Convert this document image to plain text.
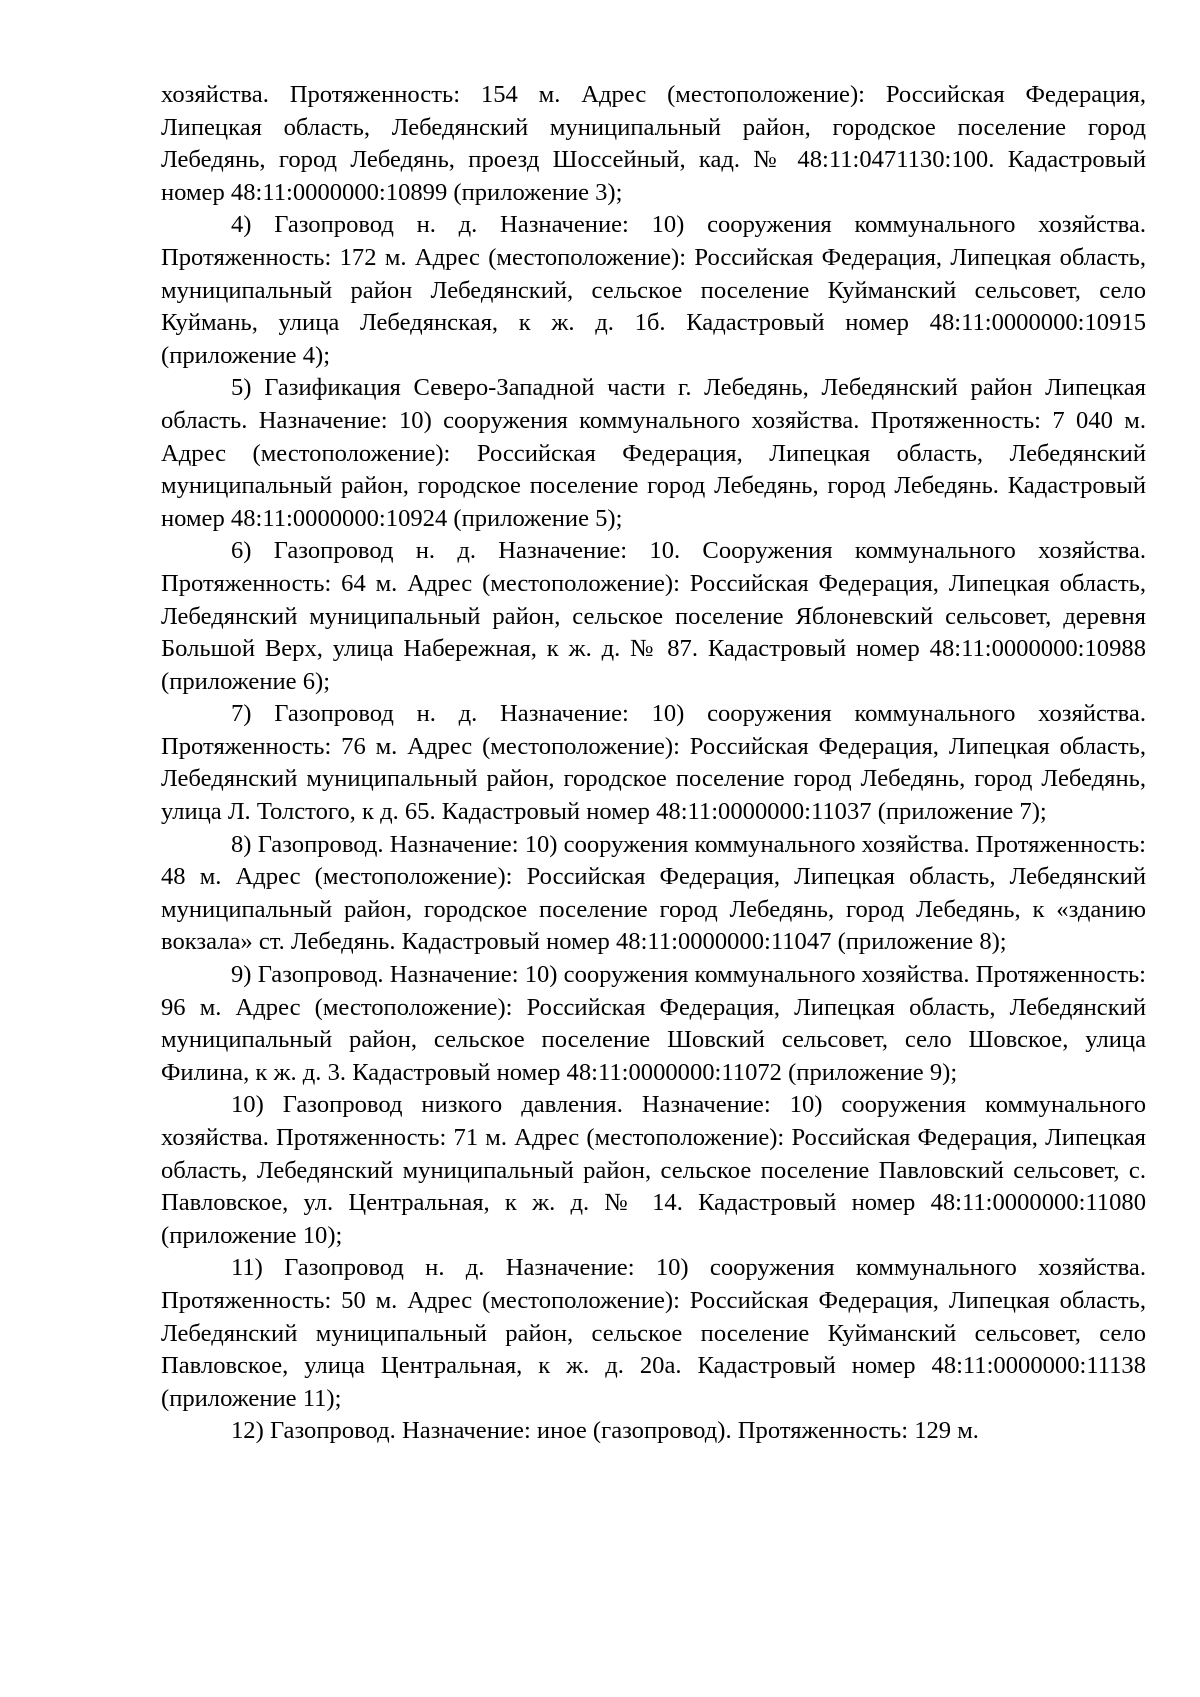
хозяйства. Протяженность: 154 м. Адрес (местоположение): Российская Федерация, Липецкая область, Лебедянский муниципальный район, городское поселение город Лебедянь, город Лебедянь, проезд Шоссейный, кад. № 48:11:0471130:100. Кадастровый номер 48:11:0000000:10899 (приложение 3);

4) Газопровод н. д. Назначение: 10) сооружения коммунального хозяйства. Протяженность: 172 м. Адрес (местоположение): Российская Федерация, Липецкая область, муниципальный район Лебедянский, сельское поселение Куйманский сельсовет, село Куймань, улица Лебедянская, к ж. д. 1б. Кадастровый номер 48:11:0000000:10915 (приложение 4);

5) Газификация Северо-Западной части г. Лебедянь, Лебедянский район Липецкая область. Назначение: 10) сооружения коммунального хозяйства. Протяженность: 7 040 м. Адрес (местоположение): Российская Федерация, Липецкая область, Лебедянский муниципальный район, городское поселение город Лебедянь, город Лебедянь. Кадастровый номер 48:11:0000000:10924 (приложение 5);

6) Газопровод н. д. Назначение: 10. Сооружения коммунального хозяйства. Протяженность: 64 м. Адрес (местоположение): Российская Федерация, Липецкая область, Лебедянский муниципальный район, сельское поселение Яблоневский сельсовет, деревня Большой Верх, улица Набережная, к ж. д. № 87. Кадастровый номер 48:11:0000000:10988 (приложение 6);

7) Газопровод н. д. Назначение: 10) сооружения коммунального хозяйства. Протяженность: 76 м. Адрес (местоположение): Российская Федерация, Липецкая область, Лебедянский муниципальный район, городское поселение город Лебедянь, город Лебедянь, улица Л. Толстого, к д. 65. Кадастровый номер 48:11:0000000:11037 (приложение 7);

8) Газопровод. Назначение: 10) сооружения коммунального хозяйства. Протяженность: 48 м. Адрес (местоположение): Российская Федерация, Липецкая область, Лебедянский муниципальный район, городское поселение город Лебедянь, город Лебедянь, к «зданию вокзала» ст. Лебедянь. Кадастровый номер 48:11:0000000:11047 (приложение 8);

9) Газопровод. Назначение: 10) сооружения коммунального хозяйства. Протяженность: 96 м. Адрес (местоположение): Российская Федерация, Липецкая область, Лебедянский муниципальный район, сельское поселение Шовский сельсовет, село Шовское, улица Филина, к ж. д. 3. Кадастровый номер 48:11:0000000:11072 (приложение 9);

10) Газопровод низкого давления. Назначение: 10) сооружения коммунального хозяйства. Протяженность: 71 м. Адрес (местоположение): Российская Федерация, Липецкая область, Лебедянский муниципальный район, сельское поселение Павловский сельсовет, с. Павловское, ул. Центральная, к ж. д. № 14. Кадастровый номер 48:11:0000000:11080 (приложение 10);

11) Газопровод н. д. Назначение: 10) сооружения коммунального хозяйства. Протяженность: 50 м. Адрес (местоположение): Российская Федерация, Липецкая область, Лебедянский муниципальный район, сельское поселение Куйманский сельсовет, село Павловское, улица Центральная, к ж. д. 20а. Кадастровый номер 48:11:0000000:11138 (приложение 11);

12) Газопровод. Назначение: иное (газопровод). Протяженность: 129 м.
